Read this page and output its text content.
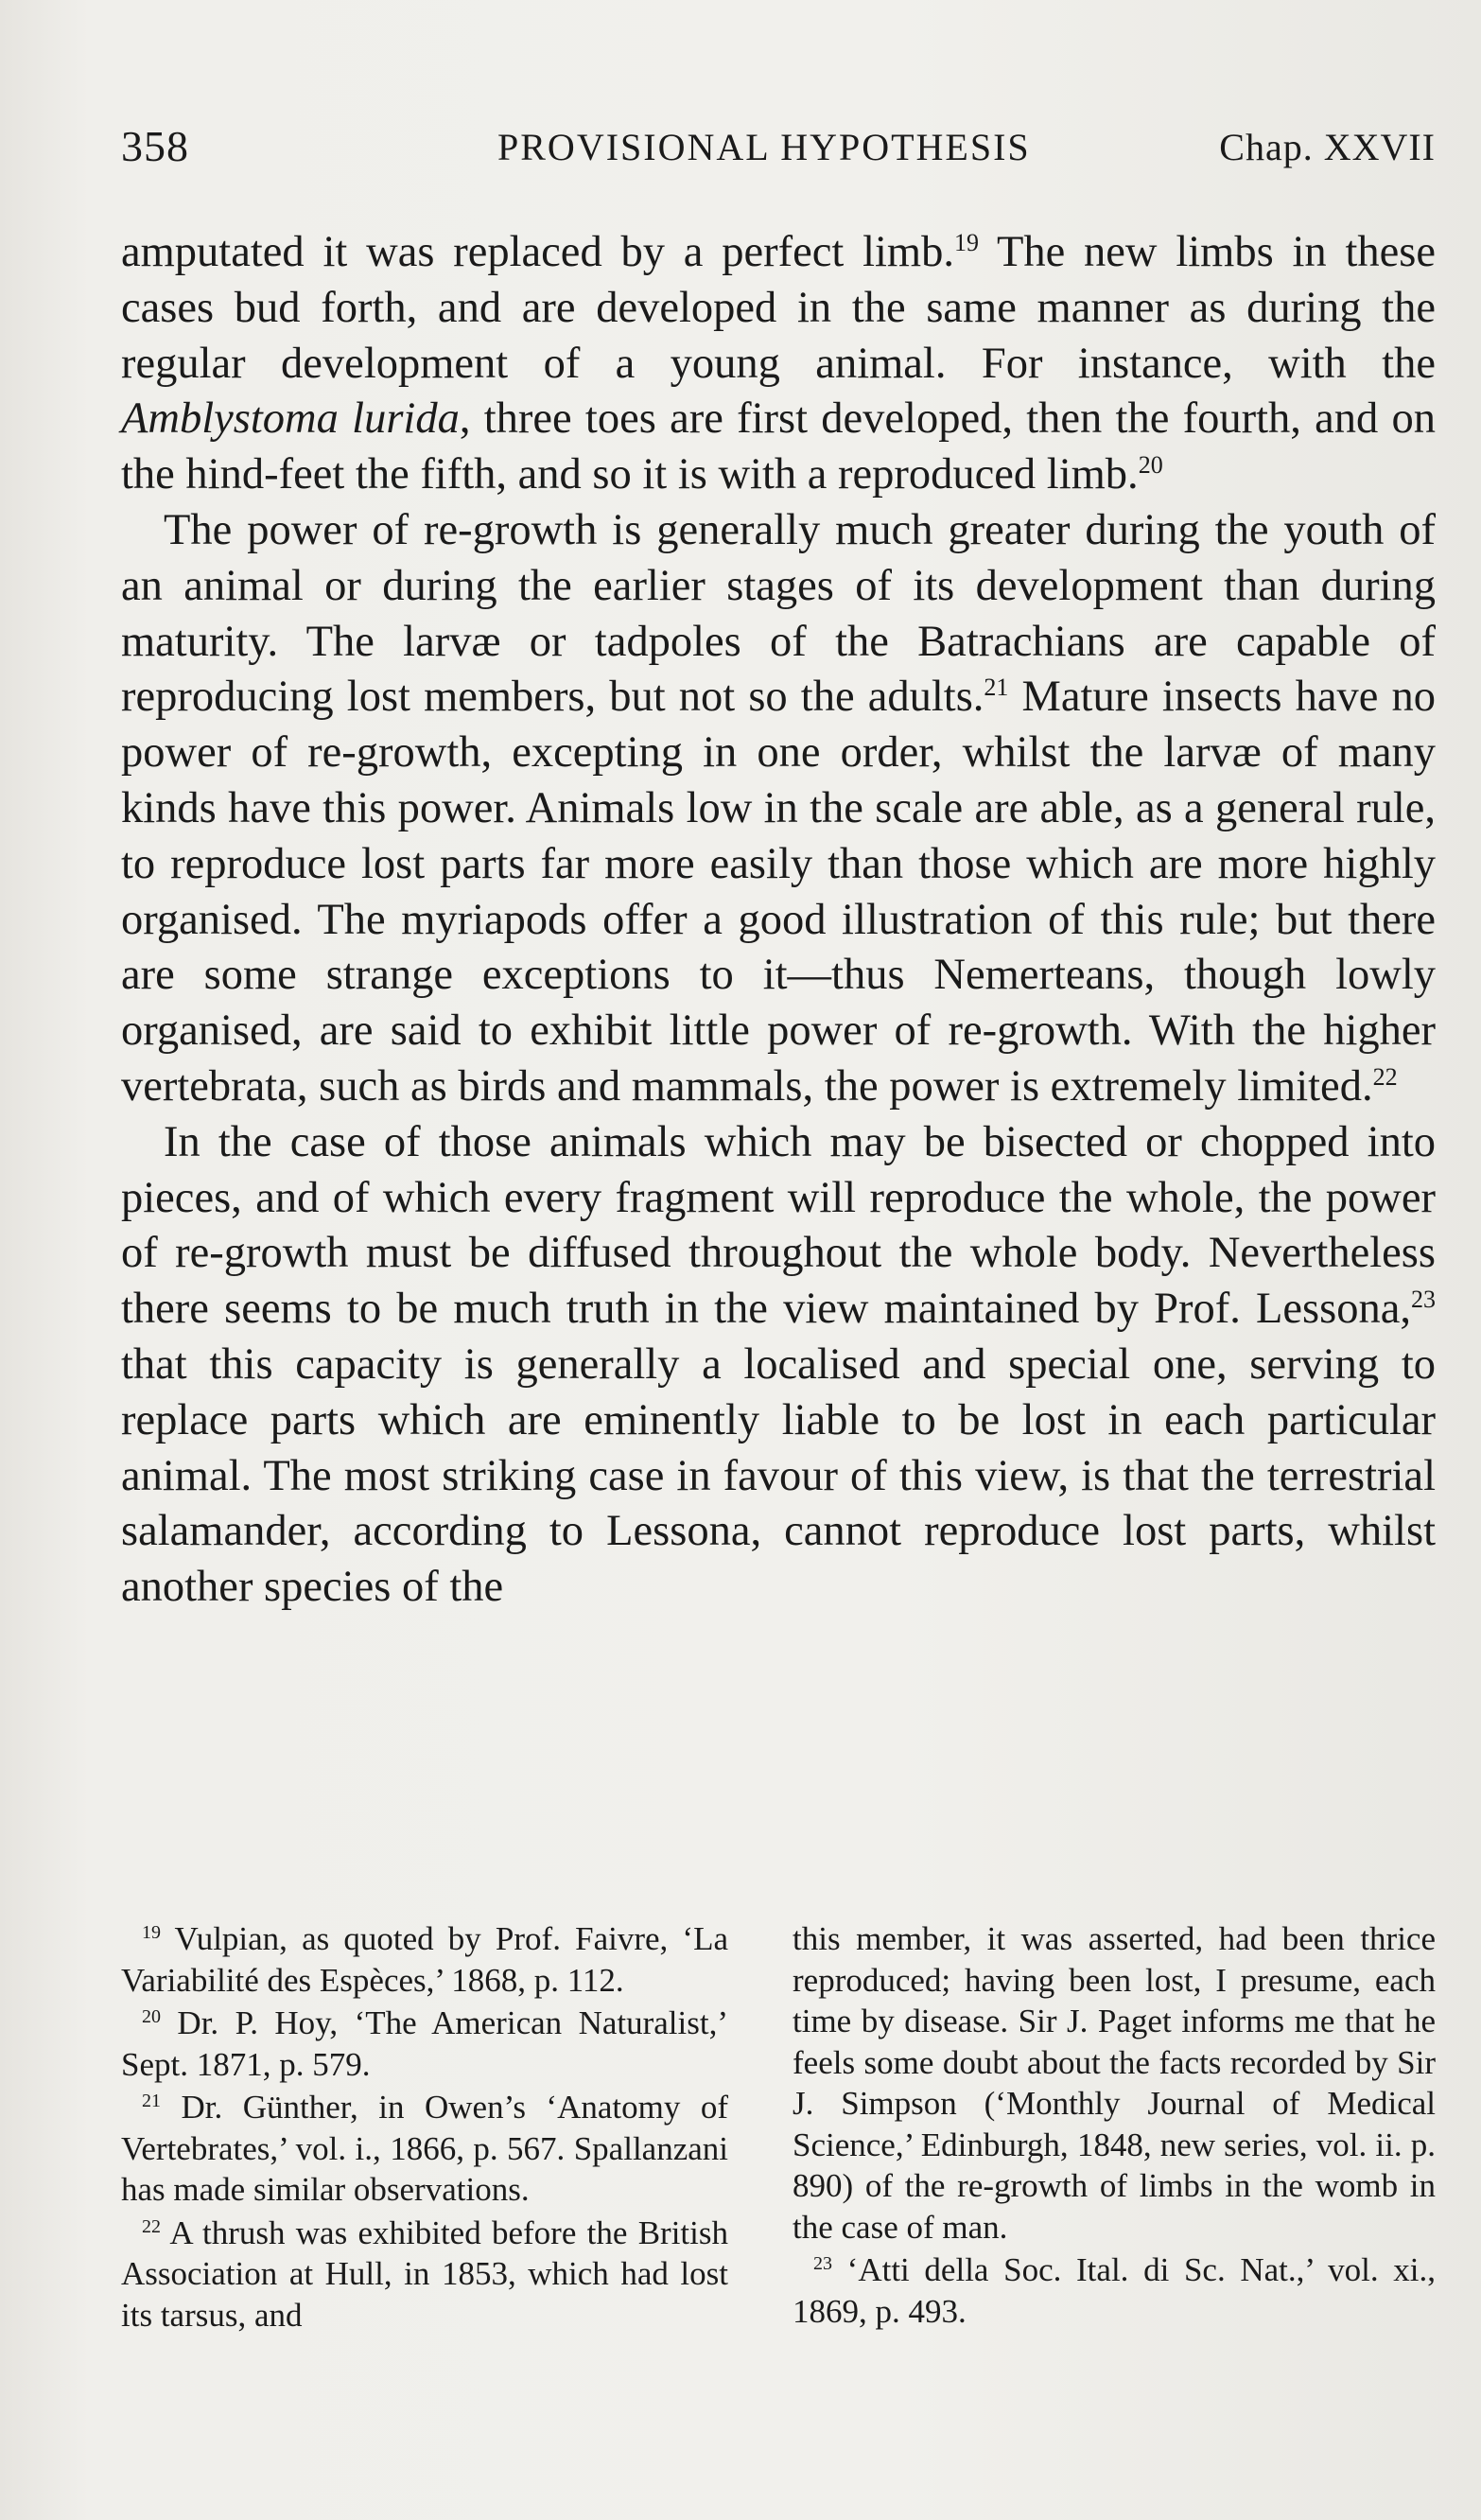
358	PROVISIONAL HYPOTHESIS	Chap. XXVII

amputated it was replaced by a perfect limb.$^{19}$ The new limbs in these cases bud forth, and are developed in the same manner as during the regular development of a young animal. For instance, with the Amblystoma lurida, three toes are first developed, then the fourth, and on the hind-feet the fifth, and so it is with a reproduced limb.$^{20}$

The power of re-growth is generally much greater during the youth of an animal or during the earlier stages of its development than during maturity. The larvæ or tadpoles of the Batrachians are capable of reproducing lost members, but not so the adults.$^{21}$ Mature insects have no power of re-growth, excepting in one order, whilst the larvæ of many kinds have this power. Animals low in the scale are able, as a general rule, to reproduce lost parts far more easily than those which are more highly organised. The myriapods offer a good illustration of this rule; but there are some strange exceptions to it—thus Nemerteans, though lowly organised, are said to exhibit little power of re-growth. With the higher vertebrata, such as birds and mammals, the power is extremely limited.$^{22}$

In the case of those animals which may be bisected or chopped into pieces, and of which every fragment will reproduce the whole, the power of re-growth must be diffused throughout the whole body. Nevertheless there seems to be much truth in the view maintained by Prof. Lessona,$^{23}$ that this capacity is generally a localised and special one, serving to replace parts which are eminently liable to be lost in each particular animal. The most striking case in favour of this view, is that the terrestrial salamander, according to Lessona, cannot reproduce lost parts, whilst another species of the

$^{19}$ Vulpian, as quoted by Prof. Faivre, ‘La Variabilité des Espèces,’ 1868, p. 112.

$^{20}$ Dr. P. Hoy, ‘The American Naturalist,’ Sept. 1871, p. 579.

$^{21}$ Dr. Günther, in Owen’s ‘Anatomy of Vertebrates,’ vol. i., 1866, p. 567. Spallanzani has made similar observations.

$^{22}$ A thrush was exhibited before the British Association at Hull, in 1853, which had lost its tarsus, and

this member, it was asserted, had been thrice reproduced; having been lost, I presume, each time by disease. Sir J. Paget informs me that he feels some doubt about the facts recorded by Sir J. Simpson (‘Monthly Journal of Medical Science,’ Edinburgh, 1848, new series, vol. ii. p. 890) of the re-growth of limbs in the womb in the case of man.

$^{23}$ ‘Atti della Soc. Ital. di Sc. Nat.,’ vol. xi., 1869, p. 493.
